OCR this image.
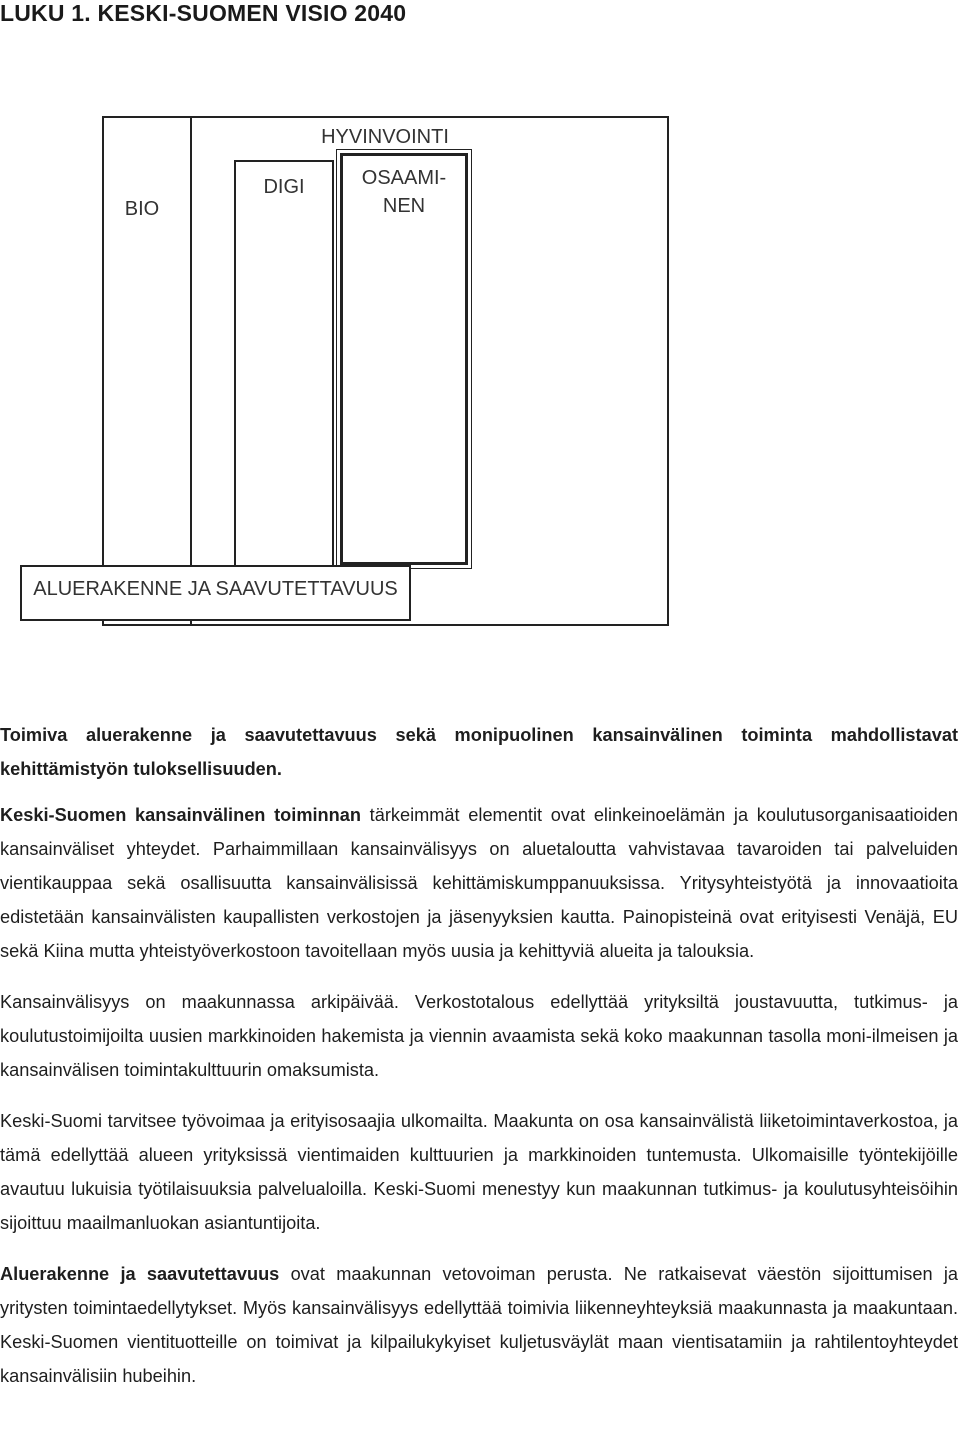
LUKU 1. KESKI-SUOMEN VISIO 2040
HYVINVOINTI
DIGI
BIO
OSAAMI-
NEN
ALUERAKENNE JA SAAVUTETTAVUUS

Toimiva aluerakenne ja saavutettavuus sekä monipuolinen kansainvälinen toiminta mahdollistavat kehittämistyön tuloksellisuuden.

Keski-Suomen kansainvälinen toiminnan tärkeimmät elementit ovat elinkeinoelämän ja koulutusorganisaatioiden kansainväliset yhteydet. Parhaimmillaan kansainvälisyys on aluetaloutta vahvistavaa tavaroiden tai palveluiden vientikauppaa sekä osallisuutta kansainvälisissä kehittämiskumppanuuksissa. Yritysyhteistyötä ja innovaatioita edistetään kansainvälisten kaupallisten verkostojen ja jäsenyyksien kautta. Painopisteinä ovat erityisesti Venäjä, EU sekä Kiina mutta yhteistyöverkostoon tavoitellaan myös uusia ja kehittyviä alueita ja talouksia.

Kansainvälisyys on maakunnassa arkipäivää. Verkostotalous edellyttää yrityksiltä joustavuutta, tutkimus- ja koulutustoimijoilta uusien markkinoiden hakemista ja viennin avaamista sekä koko maakunnan tasolla moni-ilmeisen ja kansainvälisen toimintakulttuurin omaksumista.

Keski-Suomi tarvitsee työvoimaa ja erityisosaajia ulkomailta. Maakunta on osa kansainvälistä liiketoimintaverkostoa, ja tämä edellyttää alueen yrityksissä vientimaiden kulttuurien ja markkinoiden tuntemusta. Ulkomaisille työntekijöille avautuu lukuisia työtilaisuuksia palvelualoilla. Keski-Suomi menestyy kun maakunnan tutkimus- ja koulutusyhteisöihin sijoittuu maailmanluokan asiantuntijoita.

Aluerakenne ja saavutettavuus ovat maakunnan vetovoiman perusta. Ne ratkaisevat väestön sijoittumisen ja yritysten toimintaedellytykset. Myös kansainvälisyys edellyttää toimivia liikenneyhteyksiä maakunnasta ja maakuntaan. Keski-Suomen vientituotteille on toimivat ja kilpailukykyiset kuljetusväylät maan vientisatamiin ja rahtilentoyhteydet kansainvälisiin hubeihin.
